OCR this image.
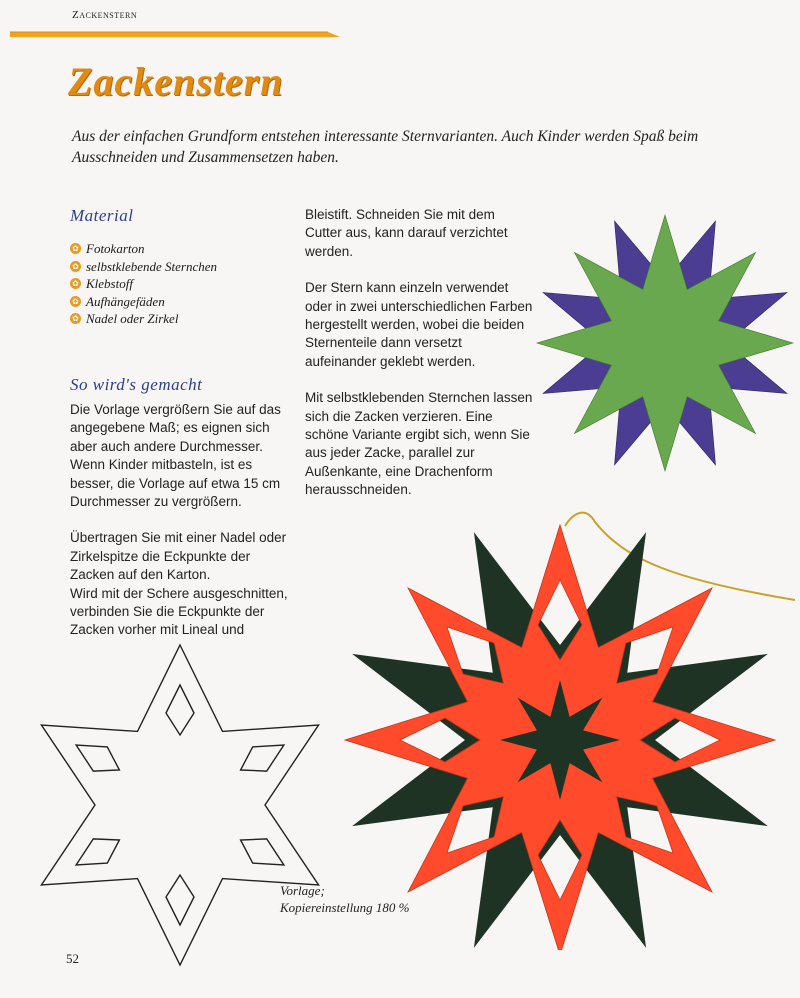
Zackenstern
Zackenstern
Aus der einfachen Grundform entstehen interessante Sternvarianten. Auch Kinder werden Spaß beim Ausschneiden und Zusammensetzen haben.
Material
✿ Fotokarton
✿ selbstklebende Sternchen
✿ Klebstoff
✿ Aufhängefäden
✿ Nadel oder Zirkel
So wird's gemacht

Die Vorlage vergrößern Sie auf das angegebene Maß; es eignen sich aber auch andere Durchmesser. Wenn Kinder mitbasteln, ist es besser, die Vorlage auf etwa 15 cm Durchmesser zu vergrößern.

Übertragen Sie mit einer Nadel oder Zirkelspitze die Eckpunkte der Zacken auf den Karton.

Wird mit der Schere ausgeschnitten, verbinden Sie die Eckpunkte der Zacken vorher mit Lineal und

Bleistift. Schneiden Sie mit dem Cutter aus, kann darauf verzichtet werden.

Der Stern kann einzeln verwendet oder in zwei unterschiedlichen Farben hergestellt werden, wobei die beiden Sternenteile dann versetzt aufeinander geklebt werden.

Mit selbstklebenden Sternchen lassen sich die Zacken verzieren. Eine schöne Variante ergibt sich, wenn Sie aus jeder Zacke, parallel zur Außenkante, eine Drachenform herausschneiden.

Vorlage;
Kopiereinstellung 180 %
52
